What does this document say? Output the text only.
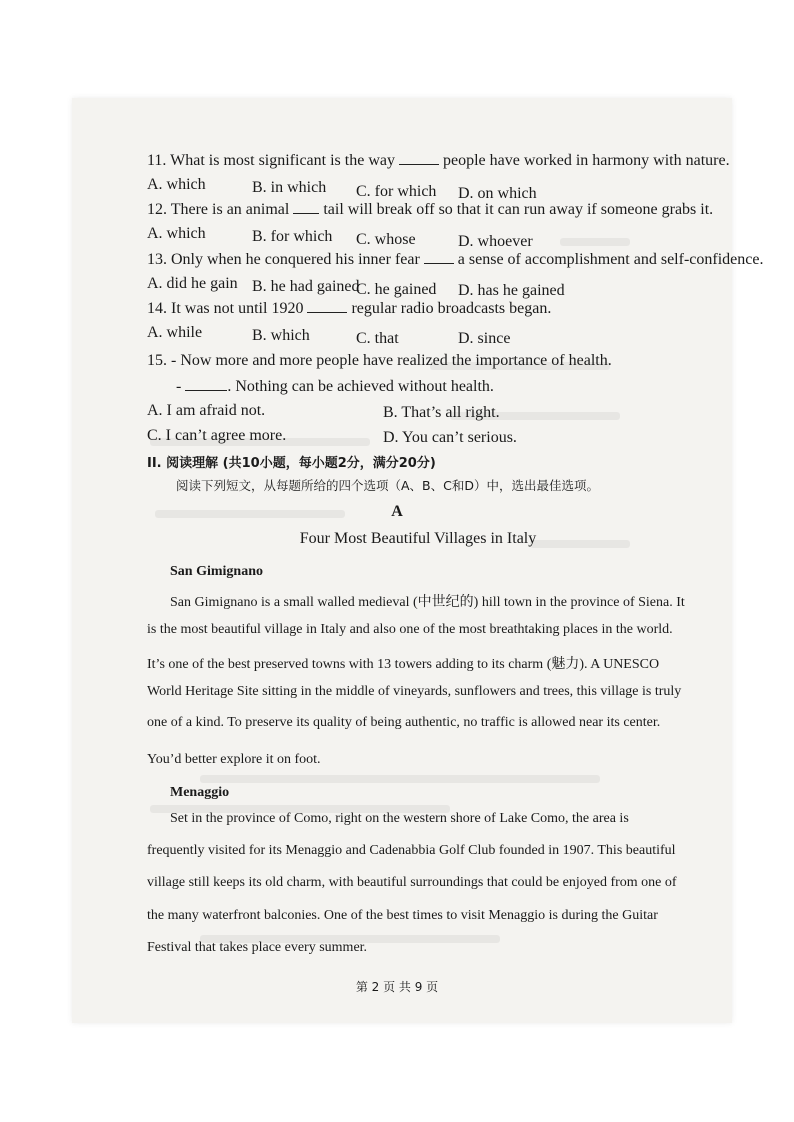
11. What is most significant is the way	people have worked in harmony with nature.
A. which	B. in which C. for which D. on which
12. There is an animal tail will break off so that it can run away if someone grabs it.
A. which	B. for which C. whose	D. whoever
13. Only when he conquered his inner fear a sense of accomplishment and self-confidence.
A. did he gain B. he had gained
C. he gained D. has he gained
14. It was not until 1920	regular radio broadcasts began.
A. while	B. which	C. that	D. since
15. - Now more and more people have realized the importance of health.
-	. Nothing can be achieved without health.
A. I am afraid not.	B. That’s all right.
C. I can’t agree more.	D. You can’t serious.
II. 阅读理解 (共10小题，每小题2分，满分20分)
阅读下列短文，从每题所给的四个选项（A、B、C和D）中，选出最佳选项。
A
Four Most Beautiful Villages in Italy
San Gimignano
San Gimignano is a small walled medieval (中世纪的) hill town in the province of Siena. It
is the most beautiful village in Italy and also one of the most breathtaking places in the world.
It’s one of the best preserved towns with 13 towers adding to its charm (魅力). A UNESCO
World Heritage Site sitting in the middle of vineyards, sunflowers and trees, this village is truly
one of a kind. To preserve its quality of being authentic, no traffic is allowed near its center.
You’d better explore it on foot.
Menaggio
Set in the province of Como, right on the western shore of Lake Como, the area is
frequently visited for its Menaggio and Cadenabbia Golf Club founded in 1907. This beautiful
village still keeps its old charm, with beautiful surroundings that could be enjoyed from one of
the many waterfront balconies. One of the best times to visit Menaggio is during the Guitar
Festival that takes place every summer.
第 2 页 共 9 页
